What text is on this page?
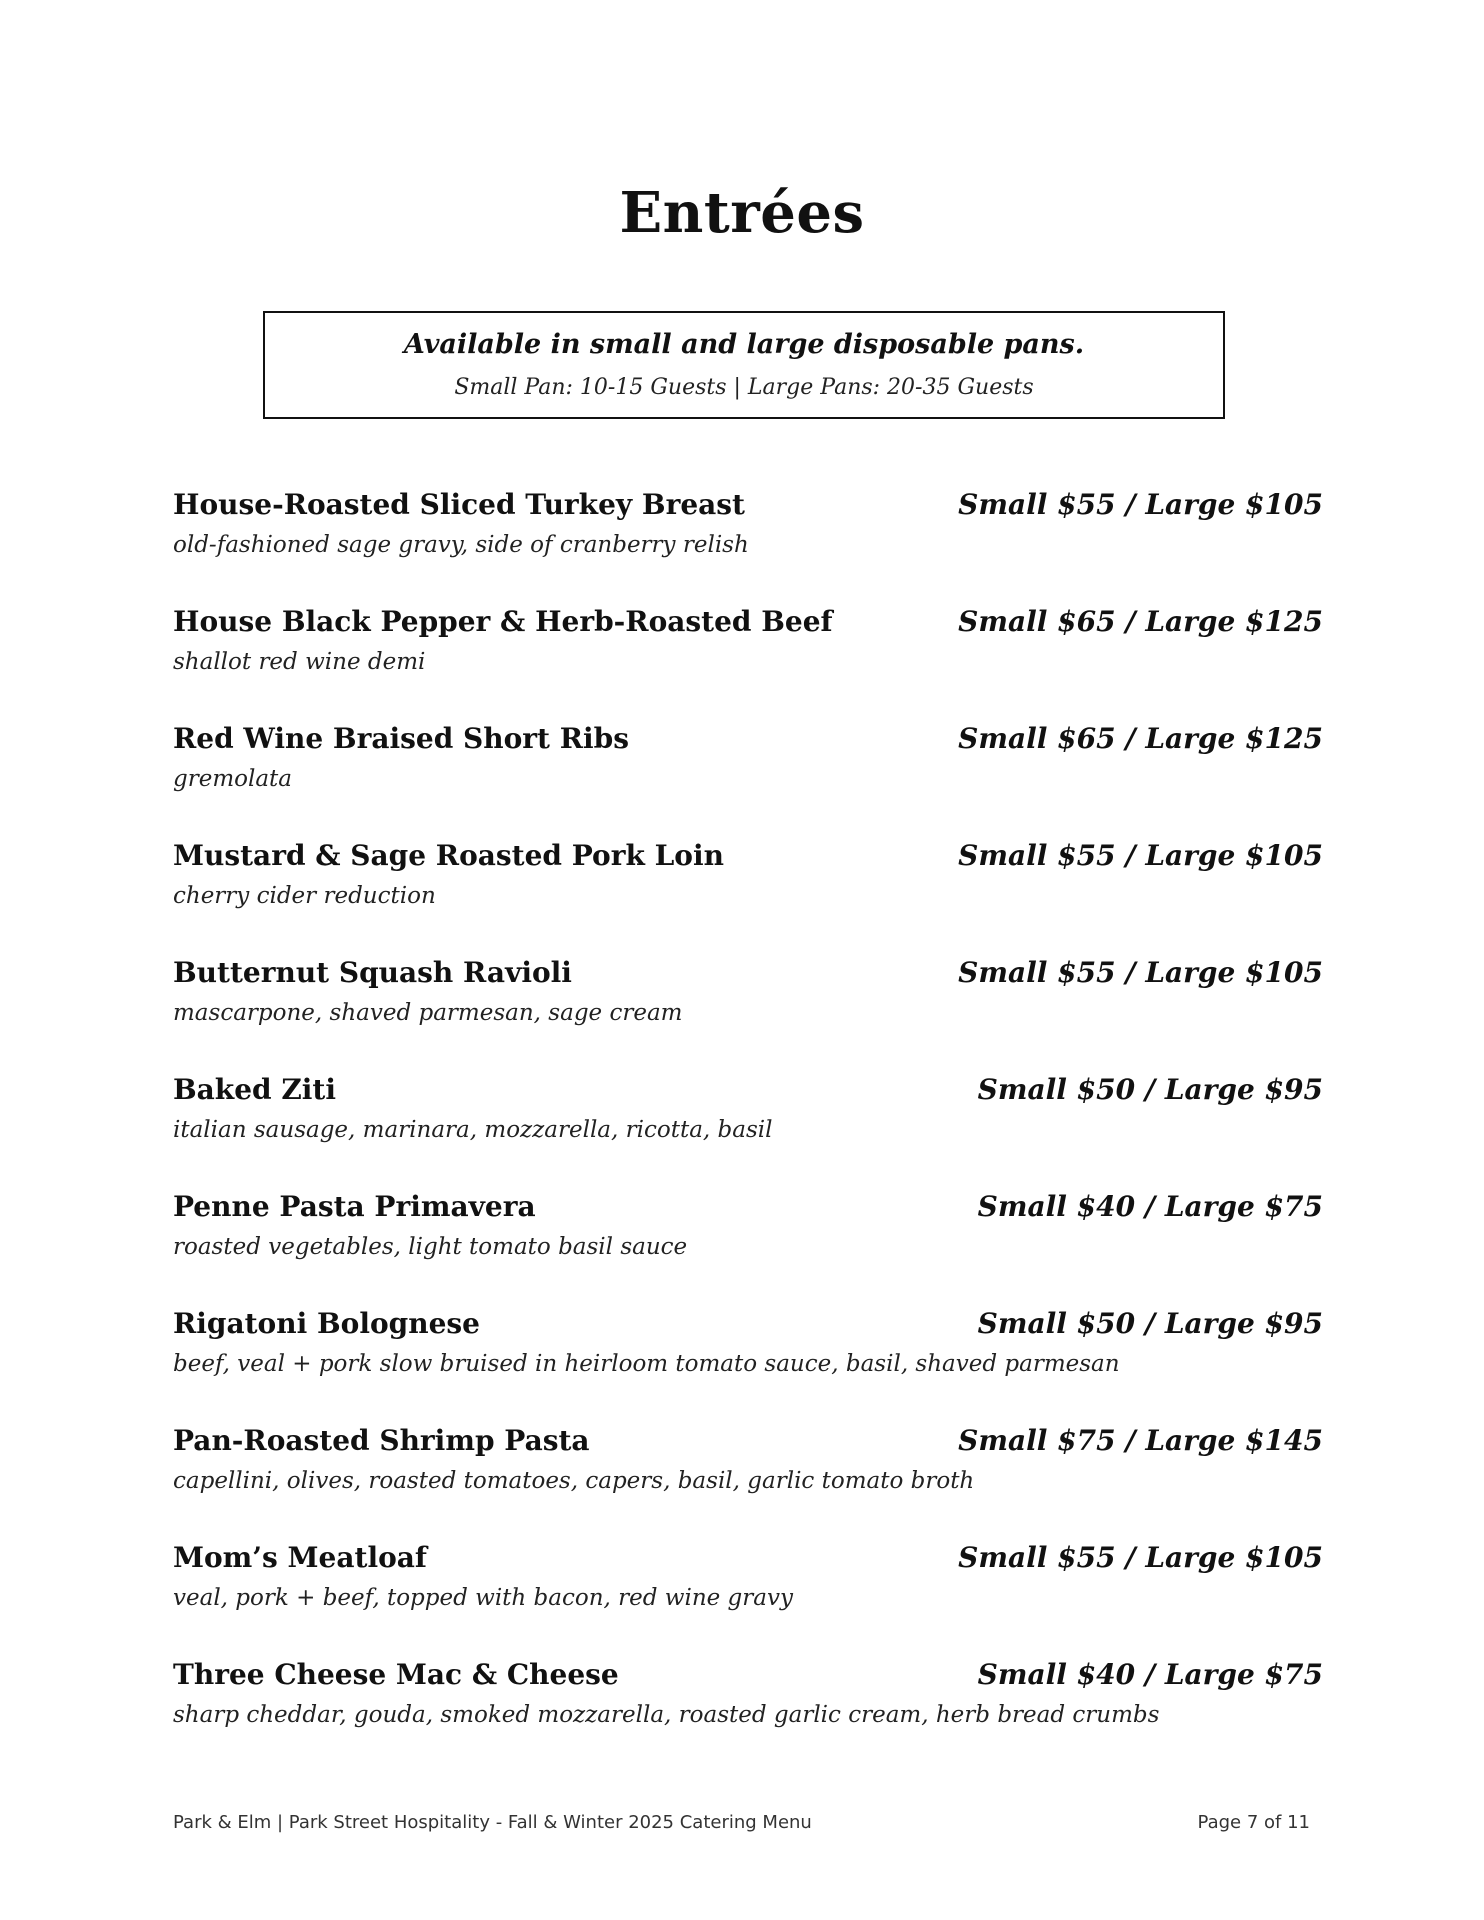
Entrées
Available in small and large disposable pans.
Small Pan: 10-15 Guests | Large Pans: 20-35 Guests
House-Roasted Sliced Turkey Breast
old-fashioned sage gravy, side of cranberry relish
Small $55 / Large $105
House Black Pepper & Herb-Roasted Beef
shallot red wine demi
Small $65 / Large $125
Red Wine Braised Short Ribs
gremolata
Small $65 / Large $125
Mustard & Sage Roasted Pork Loin
cherry cider reduction
Small $55 / Large $105
Butternut Squash Ravioli
mascarpone, shaved parmesan, sage cream
Small $55 / Large $105
Baked Ziti
italian sausage, marinara, mozzarella, ricotta, basil
Small $50 / Large $95
Penne Pasta Primavera
roasted vegetables, light tomato basil sauce
Small $40 / Large $75
Rigatoni Bolognese
beef, veal + pork slow bruised in heirloom tomato sauce, basil, shaved parmesan
Small $50 / Large $95
Pan-Roasted Shrimp Pasta
capellini, olives, roasted tomatoes, capers, basil, garlic tomato broth
Small $75 / Large $145
Mom’s Meatloaf
veal, pork + beef, topped with bacon, red wine gravy
Small $55 / Large $105
Three Cheese Mac & Cheese
sharp cheddar, gouda, smoked mozzarella, roasted garlic cream, herb bread crumbs
Small $40 / Large $75
Park & Elm | Park Street Hospitality - Fall & Winter 2025 Catering Menu	Page 7 of 11
